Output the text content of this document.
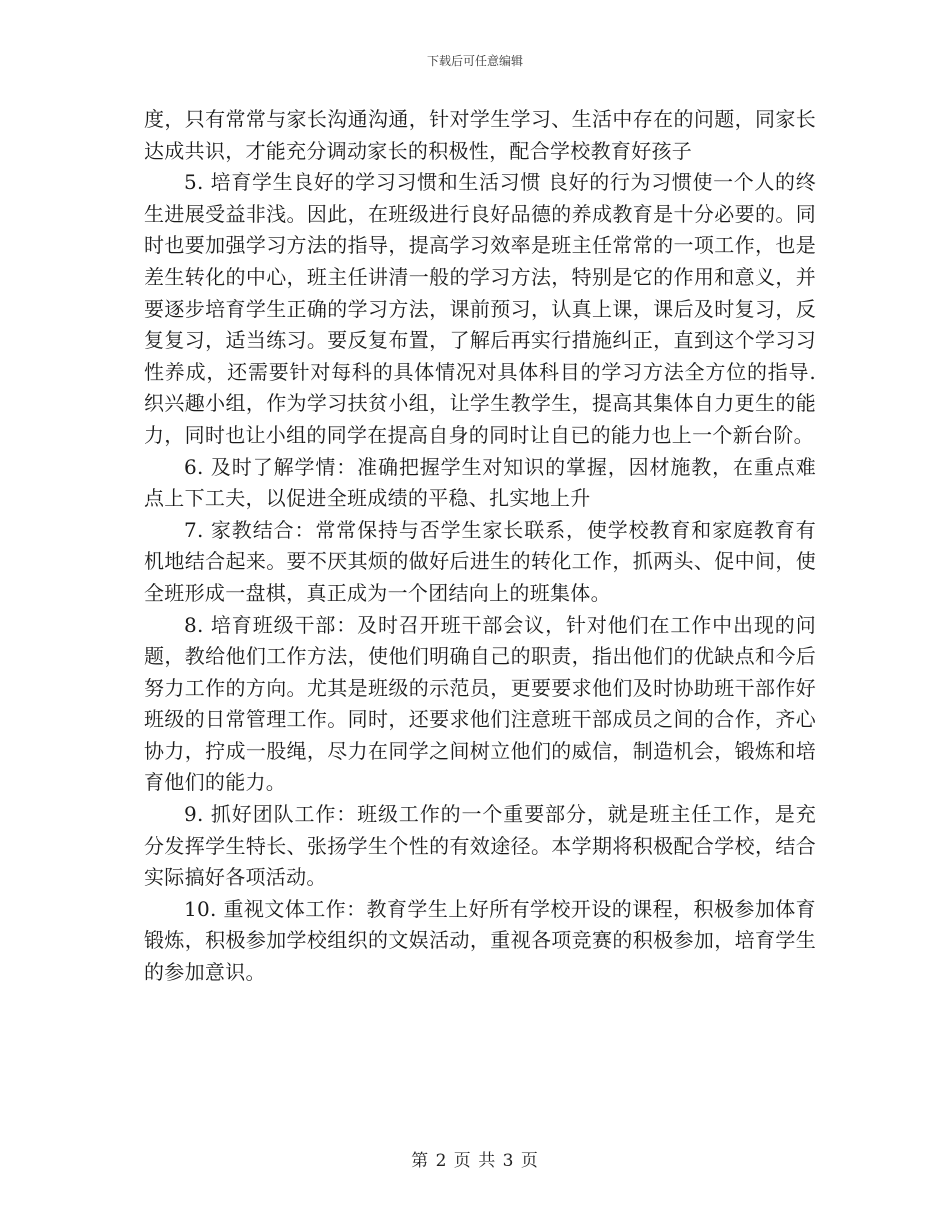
下载后可任意编辑

度，只有常常与家长沟通沟通，针对学生学习、生活中存在的问题，同家长达成共识，才能充分调动家长的积极性，配合学校教育好孩子

5. 培育学生良好的学习习惯和生活习惯 良好的行为习惯使一个人的终生进展受益非浅。因此，在班级进行良好品德的养成教育是十分必要的。同时也要加强学习方法的指导，提高学习效率是班主任常常的一项工作，也是差生转化的中心，班主任讲清一般的学习方法，特别是它的作用和意义，并要逐步培育学生正确的学习方法，课前预习，认真上课，课后及时复习，反复复习，适当练习。要反复布置，了解后再实行措施纠正，直到这个学习习性养成，还需要针对每科的具体情况对具体科目的学习方法全方位的指导.织兴趣小组，作为学习扶贫小组，让学生教学生，提高其集体自力更生的能力，同时也让小组的同学在提高自身的同时让自已的能力也上一个新台阶。

6. 及时了解学情：准确把握学生对知识的掌握，因材施教，在重点难点上下工夫，以促进全班成绩的平稳、扎实地上升

7. 家教结合：常常保持与否学生家长联系，使学校教育和家庭教育有机地结合起来。要不厌其烦的做好后进生的转化工作，抓两头、促中间，使全班形成一盘棋，真正成为一个团结向上的班集体。

8. 培育班级干部：及时召开班干部会议，针对他们在工作中出现的问题，教给他们工作方法，使他们明确自己的职责，指出他们的优缺点和今后努力工作的方向。尤其是班级的示范员，更要要求他们及时协助班干部作好班级的日常管理工作。同时，还要求他们注意班干部成员之间的合作，齐心协力，拧成一股绳，尽力在同学之间树立他们的威信，制造机会，锻炼和培育他们的能力。

9. 抓好团队工作：班级工作的一个重要部分，就是班主任工作，是充分发挥学生特长、张扬学生个性的有效途径。本学期将积极配合学校，结合实际搞好各项活动。

10. 重视文体工作：教育学生上好所有学校开设的课程，积极参加体育锻炼，积极参加学校组织的文娱活动，重视各项竞赛的积极参加，培育学生的参加意识。

第 2 页 共 3 页
